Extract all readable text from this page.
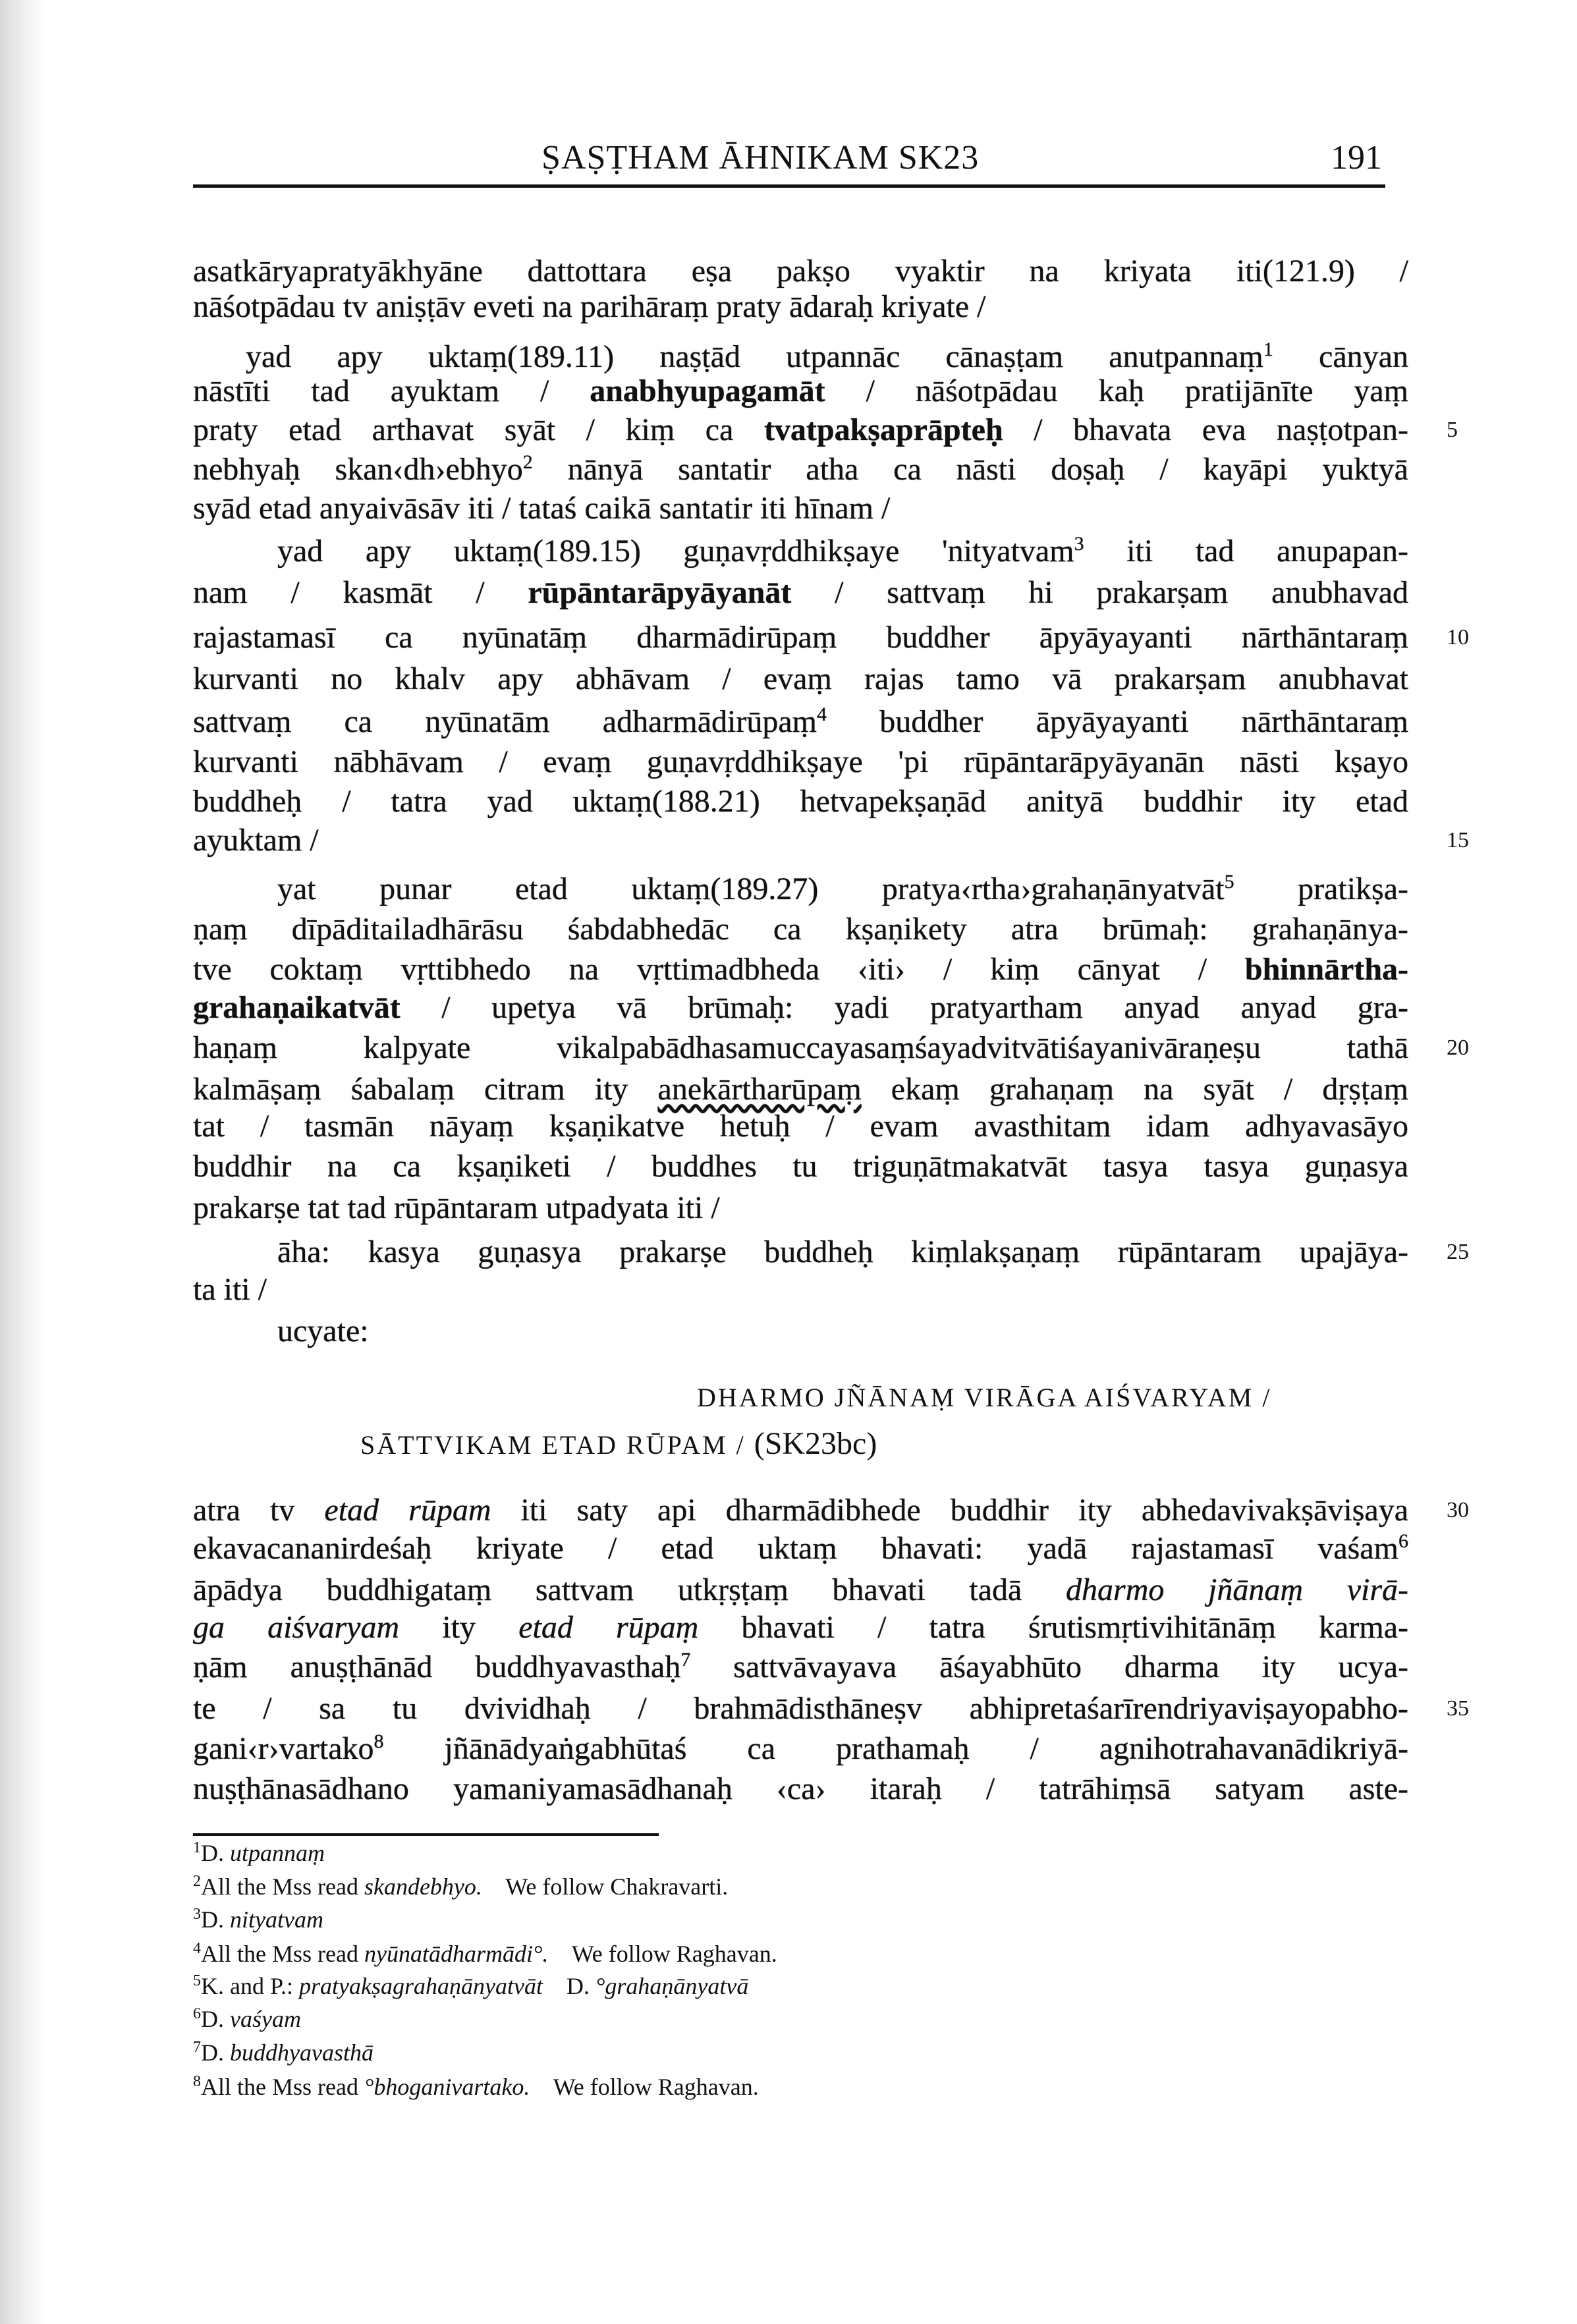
ṢAṢṬHAM ĀHNIKAM SK23	191
asatkāryapratyākhyāne dattottara eṣa pakṣo vyaktir na kriyata iti(121.9) /
nāśotpādau tv aniṣṭāv eveti na parihāraṃ praty ādaraḥ kriyate /
yad apy uktaṃ(189.11) naṣṭād utpannāc cānaṣṭam anutpannaṃ$^1$ cānyan
nāstīti tad ayuktam / anabhyupagamāt / nāśotpādau kaḥ pratijānīte yaṃ
praty etad arthavat syāt / kiṃ ca tvatpakṣaprāpteḥ / bhavata eva naṣṭotpan- 5
nebhyaḥ skan‹dh›ebhyo$^2$ nānyā santatir atha ca nāsti doṣaḥ / kayāpi yuktyā
syād etad anyaivāsāv iti / tataś caikā santatir iti hīnam /
yad apy uktaṃ(189.15) guṇavṛddhikṣaye 'nityatvam$^3$ iti tad anupapan-
nam / kasmāt / rūpāntarāpyāyanāt / sattvaṃ hi prakarṣam anubhavad
rajastamasī ca nyūnatāṃ dharmādirūpaṃ buddher āpyāyayanti nārthāntaraṃ 10
kurvanti no khalv apy abhāvam / evaṃ rajas tamo vā prakarṣam anubhavat
sattvaṃ ca nyūnatām adharmādirūpaṃ$^4$ buddher āpyāyayanti nārthāntaraṃ
kurvanti nābhāvam / evaṃ guṇavṛddhikṣaye 'pi rūpāntarāpyāyanān nāsti kṣayo
buddheḥ / tatra yad uktaṃ(188.21) hetvapekṣaṇād anityā buddhir ity etad
ayuktam /	15
yat punar etad uktaṃ(189.27) pratya‹rtha›grahaṇānyatvāt$^5$ pratikṣa-
ṇaṃ dīpāditailadhārāsu śabdabhedāc ca kṣaṇikety atra brūmaḥ: grahaṇānya-
tve coktaṃ vṛttibhedo na vṛttimadbheda ‹iti› / kiṃ cānyat / bhinnārtha-
grahaṇaikatvāt / upetya vā brūmaḥ: yadi pratyartham anyad anyad gra-
haṇaṃ kalpyate vikalpabādhasamuccayasaṃśayadvitvātiśayanivāraṇeṣu tathā 20
kalmāṣaṃ śabalaṃ citram ity anekārtharūpaṃ ekaṃ grahaṇaṃ na syāt / dṛṣṭaṃ
tat / tasmān nāyaṃ kṣaṇikatve hetuḥ / evam avasthitam idam adhyavasāyo
buddhir na ca kṣaṇiketi / buddhes tu triguṇātmakatvāt tasya tasya guṇasya
prakarṣe tat tad rūpāntaram utpadyata iti /
āha: kasya guṇasya prakarṣe buddheḥ kiṃlakṣaṇaṃ rūpāntaram upajāya- 25
ta iti /
ucyate:
atra tv etad rūpam iti saty api dharmādibhede buddhir ity abhedavivakṣāviṣaya 30
ekavacananirdeśaḥ kriyate / etad uktaṃ bhavati: yadā rajastamasī vaśam$^6$
āpādya buddhigataṃ sattvam utkṛṣṭaṃ bhavati tadā dharmo jñānaṃ virā-
ga aiśvaryam ity etad rūpaṃ bhavati / tatra śrutismṛtivihitānāṃ karma-
ṇām anuṣṭhānād buddhyavasthaḥ$^7$ sattvāvayava āśayabhūto dharma ity ucya-
te / sa tu dvividhaḥ / brahmādisthāneṣv abhipretaśarīrendriyaviṣayopabho- 35
gani‹r›vartako$^8$ jñānādyaṅgabhūtaś ca prathamaḥ / agnihotrahavanādikriyā-
nuṣṭhānasādhano yamaniyamasādhanaḥ ‹ca› itaraḥ / tatrāhiṃsā satyam aste-
DHARMO JÑĀNAṂ VIRĀGA AIŚVARYAM /
SĀTTVIKAM ETAD RŪPAM / (SK23bc)
$^1$D. utpannaṃ
$^2$All the Mss read skandebhyo.    We follow Chakravarti.
$^3$D. nityatvam
$^4$All the Mss read nyūnatādharmādi°.    We follow Raghavan.
$^5$K. and P.: pratyakṣagrahaṇānyatvāt    D. °grahaṇānyatvā
$^6$D. vaśyam
$^7$D. buddhyavasthā
$^8$All the Mss read °bhoganivartako.    We follow Raghavan.
